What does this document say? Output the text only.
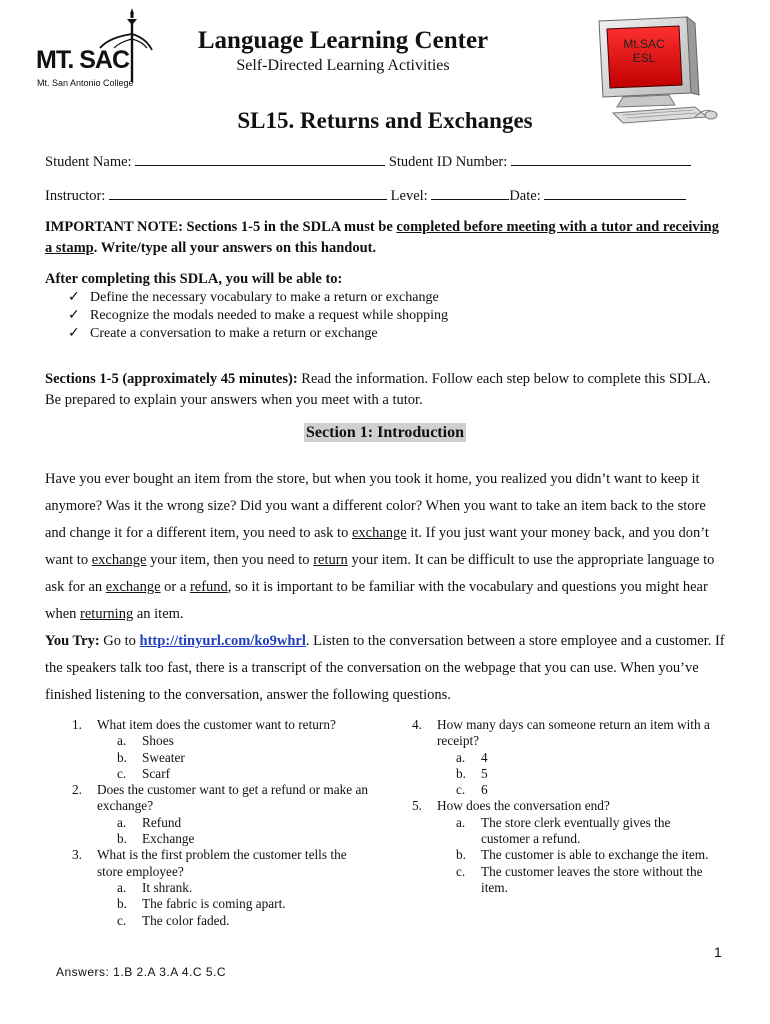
MT. SAC
Mt. San Antonio College
Language Learning Center
Self-Directed Learning Activities
Mt.SAC
ESL
SL15. Returns and Exchanges
Student Name:	Student ID Number:
Instructor:	Level:	Date:
IMPORTANT NOTE: Sections 1-5 in the SDLA must be completed before meeting with a tutor and receiving a stamp. Write/type all your answers on this handout.
After completing this SDLA, you will be able to:
✓ Define the necessary vocabulary to make a return or exchange
✓ Recognize the modals needed to make a request while shopping
✓ Create a conversation to make a return or exchange
Sections 1-5 (approximately 45 minutes): Read the information. Follow each step below to complete this SDLA. Be prepared to explain your answers when you meet with a tutor.
Section 1: Introduction
Have you ever bought an item from the store, but when you took it home, you realized you didn’t want to keep it anymore? Was it the wrong size? Did you want a different color? When you want to take an item back to the store and change it for a different item, you need to ask to exchange it. If you just want your money back, and you don’t want to exchange your item, then you need to return your item. It can be difficult to use the appropriate language to ask for an exchange or a refund, so it is important to be familiar with the vocabulary and questions you might hear when returning an item.
You Try: Go to http://tinyurl.com/ko9whrl. Listen to the conversation between a store employee and a customer. If the speakers talk too fast, there is a transcript of the conversation on the webpage that you can use. When you’ve finished listening to the conversation, answer the following questions.
1.	What item does the customer want to return?
a.	Shoes
b.	Sweater
c.	Scarf
2.	Does the customer want to get a refund or make an exchange?
a.	Refund
b.	Exchange
3.	What is the first problem the customer tells the store employee?
a.	It shrank.
b.	The fabric is coming apart.
c.	The color faded.
4.	How many days can someone return an item with a receipt?
a.	4
b.	5
c.	6
5.	How does the conversation end?
a.	The store clerk eventually gives the customer a refund.
b.	The customer is able to exchange the item.
c.	The customer leaves the store without the item.
1
Answers: 1.B 2.A 3.A 4.C 5.C
